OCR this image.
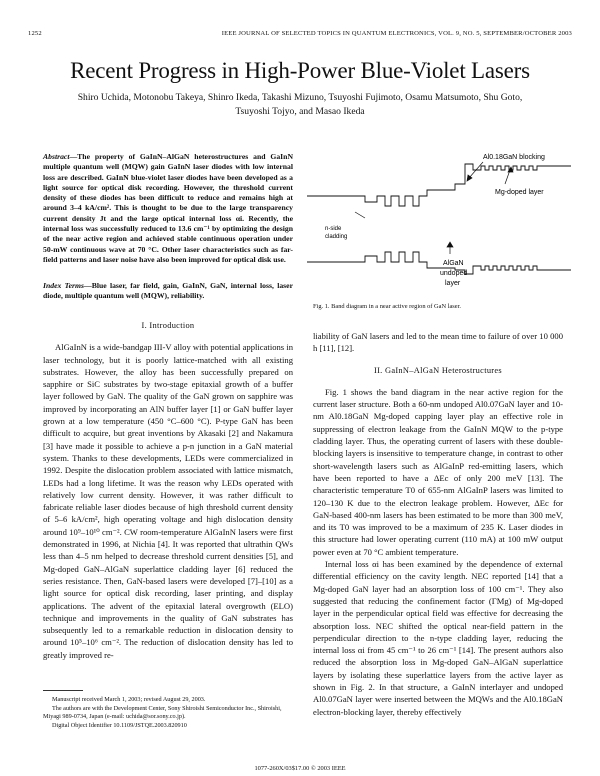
1252	IEEE JOURNAL OF SELECTED TOPICS IN QUANTUM ELECTRONICS, VOL. 9, NO. 5, SEPTEMBER/OCTOBER 2003
Recent Progress in High-Power Blue-Violet Lasers
Shiro Uchida, Motonobu Takeya, Shinro Ikeda, Takashi Mizuno, Tsuyoshi Fujimoto, Osamu Matsumoto, Shu Goto,
Tsuyoshi Tojyo, and Masao Ikeda
Abstract—The property of GaInN–AlGaN heterostructures and GaInN multiple quantum well (MQW) gain GaInN laser diodes with low internal loss are described. GaInN blue-violet laser diodes have been developed as a light source for optical disk recording. However, the threshold current density of these diodes has been difficult to reduce and remains high at around 3–4 kA/cm². This is thought to be due to the large transparency current density Jt and the large optical internal loss αi. Recently, the internal loss was successfully reduced to 13.6 cm⁻¹ by optimizing the design of the near active region and achieved stable continuous operation under 50-mW continuous wave at 70 °C. Other laser characteristics such as far-field patterns and laser noise have also been improved for optical disk use.
Index Terms—Blue laser, far field, gain, GaInN, GaN, internal loss, laser diode, multiple quantum well (MQW), reliability.
I. Introduction

AlGaInN is a wide-bandgap III-V alloy with potential applications in laser technology, but it is poorly lattice-matched with all existing substrates. However, the alloy has been successfully prepared on sapphire or SiC substrates by two-stage epitaxial growth of a buffer layer followed by GaN. The quality of the GaN grown on sapphire was improved by incorporating an AlN buffer layer [1] or GaN buffer layer grown at a low temperature (450 °C–600 °C). P-type GaN has been difficult to acquire, but great inventions by Akasaki [2] and Nakamura [3] have made it possible to achieve a p-n junction in a GaN material system. Thanks to these developments, LEDs were commercialized in 1992. Despite the dislocation problem associated with lattice mismatch, LEDs had a long lifetime. It was the reason why LEDs operated with relatively low current density. However, it was rather difficult to fabricate reliable laser diodes because of high threshold current density of 5–6 kA/cm², high operating voltage and high dislocation density around 10⁹–10¹⁰ cm⁻². CW room-temperature AlGaInN lasers were first demonstrated in 1996, at Nichia [4]. It was reported that ultrathin QWs less than 4–5 nm helped to decrease threshold current densities [5], and Mg-doped GaN–AlGaN superlattice cladding layer [6] reduced the series resistance. Then, GaN-based lasers were developed [7]–[10] as a light source for optical disk recording, laser printing, and display applications. The advent of the epitaxial lateral overgrowth (ELO) technique and improvements in the quality of GaN substrates has subsequently led to a remarkable reduction in dislocation density to around 10⁵–10⁶ cm⁻². The reduction of dislocation density has led to greatly improved re-

Al0.18GaN blocking
Mg-doped layer
n-side
cladding
AlGaN
undoped
layer
Fig. 1. Band diagram in a near active region of GaN laser.

liability of GaN lasers and led to the mean time to failure of over 10 000 h [11], [12].

II. GaInN–AlGaN Heterostructures

Fig. 1 shows the band diagram in the near active region for the current laser structure. Both a 60-nm undoped Al0.07GaN layer and 10-nm Al0.18GaN Mg-doped capping layer play an effective role in suppressing of electron leakage from the GaInN MQW to the p-type cladding layer. Thus, the operating current of lasers with these double-blocking layers is insensitive to temperature change, in contrast to other short-wavelength lasers such as AlGaInP red-emitting lasers, which have been reported to have a ΔEc of only 200 meV [13]. The characteristic temperature T0 of 655-nm AlGaInP lasers was limited to 120–130 K due to the electron leakage problem. However, ΔEc for GaN-based 400-nm lasers has been estimated to be more than 300 meV, and its T0 was improved to be a maximum of 235 K. Laser diodes in this structure had lower operating current (110 mA) at 100 mW output power even at 70 °C ambient temperature.

Internal loss αi has been examined by the dependence of external differential efficiency on the cavity length. NEC reported [14] that a Mg-doped GaN layer had an absorption loss of 100 cm⁻¹. They also suggested that reducing the confinement factor (ΓMg) of Mg-doped layer in the perpendicular optical field was effective for decreasing the absorption loss. NEC shifted the optical near-field pattern in the perpendicular direction to the n-type cladding layer, reducing the internal loss αi from 45 cm⁻¹ to 26 cm⁻¹ [14]. The present authors also reduced the absorption loss in Mg-doped GaN–AlGaN superlattice layers by isolating these superlattice layers from the active layer as shown in Fig. 2. In that structure, a GaInN interlayer and undoped Al0.07GaN layer were inserted between the MQWs and the Al0.18GaN electron-blocking layer, thereby effectively

Manuscript received March 1, 2003; revised August 29, 2003.
The authors are with the Development Center, Sony Shiroishi Semiconductor Inc., Shiroishi, Miyagi 989-0734, Japan (e-mail: uchida@sor.sony.co.jp).
Digital Object Identifier 10.1109/JSTQE.2003.820910
1077-260X/03$17.00 © 2003 IEEE
